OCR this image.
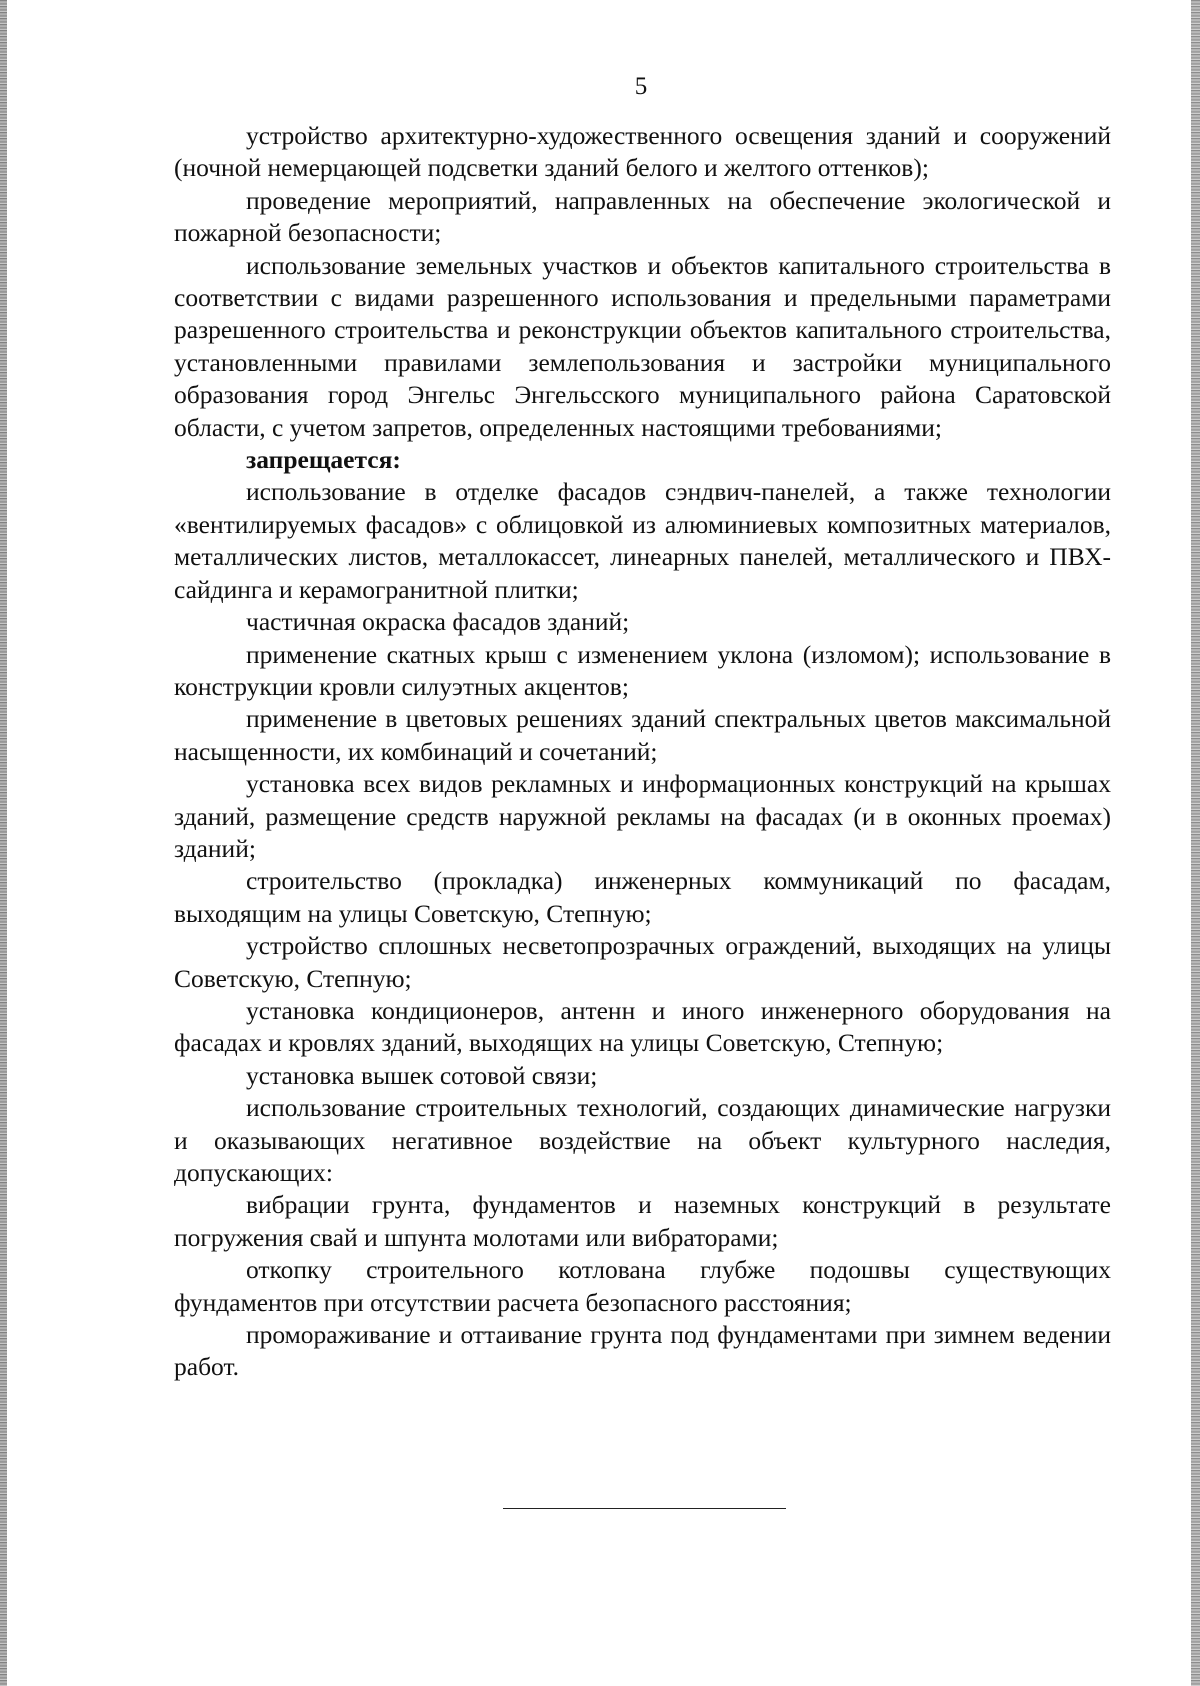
5

устройство архитектурно-художественного освещения зданий и сооружений (ночной немерцающей подсветки зданий белого и желтого оттенков);

проведение мероприятий, направленных на обеспечение экологической и пожарной безопасности;

использование земельных участков и объектов капитального строительства в соответствии с видами разрешенного использования и предельными параметрами разрешенного строительства и реконструкции объектов капитального строительства, установленными правилами землепользования и застройки муниципального образования город Энгельс Энгельсского муниципального района Саратовской области, с учетом запретов, определенных настоящими требованиями;

запрещается:

использование в отделке фасадов сэндвич-панелей, а также технологии «вентилируемых фасадов» с облицовкой из алюминиевых композитных материалов, металлических листов, металлокассет, линеарных панелей, металлического и ПВХ-сайдинга и керамогранитной плитки;

частичная окраска фасадов зданий;

применение скатных крыш с изменением уклона (изломом); использование в конструкции кровли силуэтных акцентов;

применение в цветовых решениях зданий спектральных цветов максимальной насыщенности, их комбинаций и сочетаний;

установка всех видов рекламных и информационных конструкций на крышах зданий, размещение средств наружной рекламы на фасадах (и в оконных проемах) зданий;

строительство (прокладка) инженерных коммуникаций по фасадам, выходящим на улицы Советскую, Степную;

устройство сплошных несветопрозрачных ограждений, выходящих на улицы Советскую, Степную;

установка кондиционеров, антенн и иного инженерного оборудования на фасадах и кровлях зданий, выходящих на улицы Советскую, Степную;

установка вышек сотовой связи;

использование строительных технологий, создающих динамические нагрузки и оказывающих негативное воздействие на объект культурного наследия, допускающих:

вибрации грунта, фундаментов и наземных конструкций в результате погружения свай и шпунта молотами или вибраторами;

откопку строительного котлована глубже подошвы существующих фундаментов при отсутствии расчета безопасного расстояния;

промораживание и оттаивание грунта под фундаментами при зимнем ведении работ.
